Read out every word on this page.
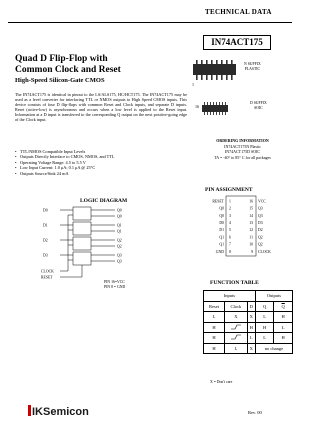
TECHNICAL DATA
IN74ACT175
Quad D Flip-Flop with
Common Clock and Reset
High-Speed Silicon-Gate CMOS
The IN74ACT175 is identical in pinout to the LS/ALS175, HC/HCT175. The IN74ACT175 may be used as a level converter for interfacing TTL or NMOS outputs to High Speed CMOS inputs. This device consists of four D flip-flops with common Reset and Clock inputs, and separate D inputs. Reset (active-low) is asynchronous and occurs when a low level is applied to the Reset input. Information at a D input is transferred to the corresponding Q output on the next positive-going edge of the Clock input.
• TTL/NMOS Compatible Input Levels
• Outputs Directly Interface to CMOS, NMOS, and TTL
• Operating Voltage Range: 4.5 to 5.5 V
• Low Input Current: 1.0 μA; 0.1 μA @ 25°C
• Outputs Source/Sink 24 mA
1
16
N SUFFIX
PLASTIC
D SUFFIX
SOIC
ORDERING INFORMATION
IN74ACT175N Plastic
IN74ACT175D SOIC
TA = -40° to 85° C for all packages
LOGIC DIAGRAM
D0
D1
D2
D3
CLOCK
RESET
Q0
Q0
Q1
Q1
Q2
Q2
Q3
Q3
PIN 16=VCC
PIN 8 = GND
PIN ASSIGNMENT
RESET 1
Q0 2
Q0 3
D0 4
D1 5
Q1 6
Q1 7
GND 8
16 VCC
15 Q3
14 Q3
13 D3
12 D2
11 Q2
10 Q2
9 CLOCK
FUNCTION TABLE
Inputs			Outputs	
Reset	Clock	D	Q	$\overline{Q}$
L	X	X	L	H
H		H	H	L
H		L	L	H
H	L	X	no change	
X = Don't care
IKSemicon	Rev. 00
